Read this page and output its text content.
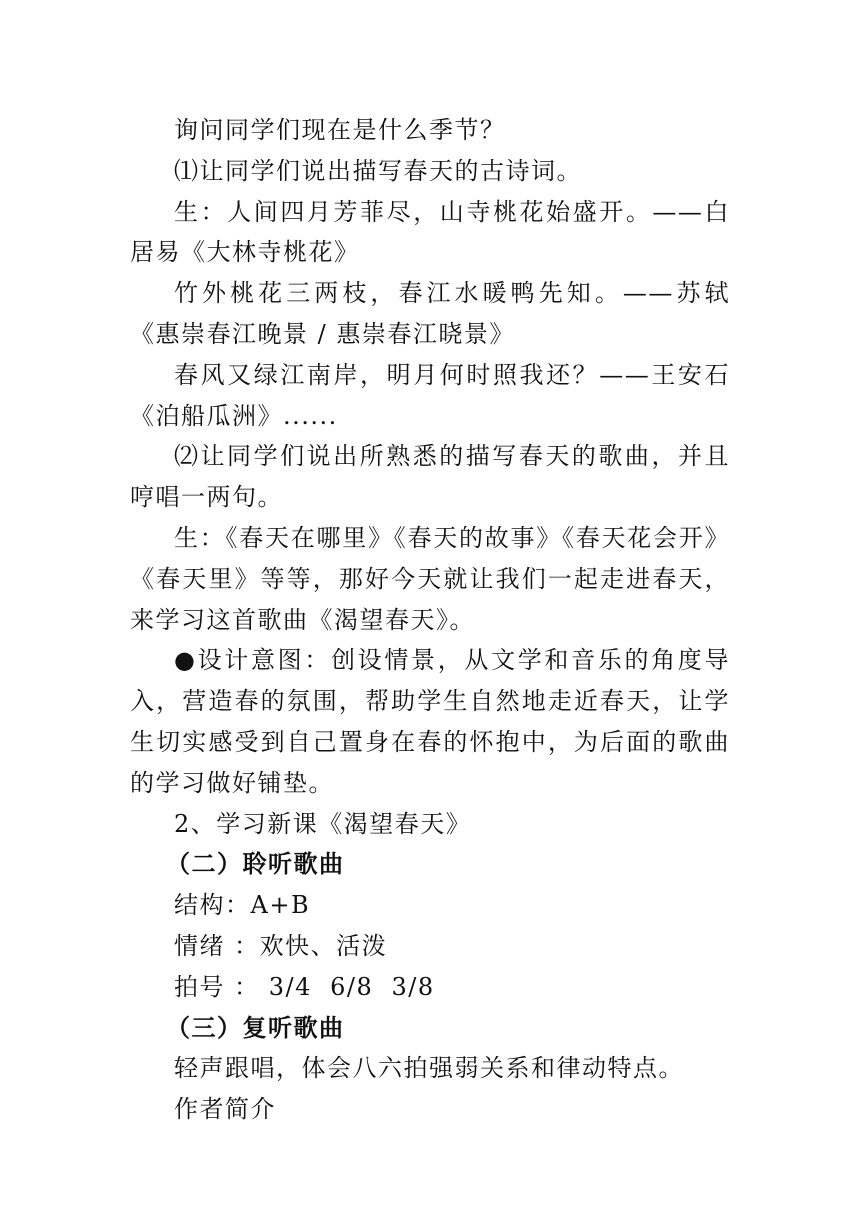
询问同学们现在是什么季节？

⑴让同学们说出描写春天的古诗词。

生：人间四月芳菲尽，山寺桃花始盛开。——白居易《大林寺桃花》

竹外桃花三两枝，春江水暖鸭先知。——苏轼《惠崇春江晚景 / 惠崇春江晓景》

春风又绿江南岸，明月何时照我还？——王安石《泊船瓜洲》......

⑵让同学们说出所熟悉的描写春天的歌曲，并且哼唱一两句。

生：《春天在哪里》《春天的故事》《春天花会开》《春天里》等等，那好今天就让我们一起走进春天，来学习这首歌曲《渴望春天》。

●设计意图：创设情景，从文学和音乐的角度导入，营造春的氛围，帮助学生自然地走近春天，让学生切实感受到自己置身在春的怀抱中，为后面的歌曲的学习做好铺垫。

2、学习新课《渴望春天》

（二）聆听歌曲

结构：A+B

情绪 ：欢快、活泼

拍号 ： 3/4  6/8  3/8

（三）复听歌曲

轻声跟唱，体会八六拍强弱关系和律动特点。

作者简介
